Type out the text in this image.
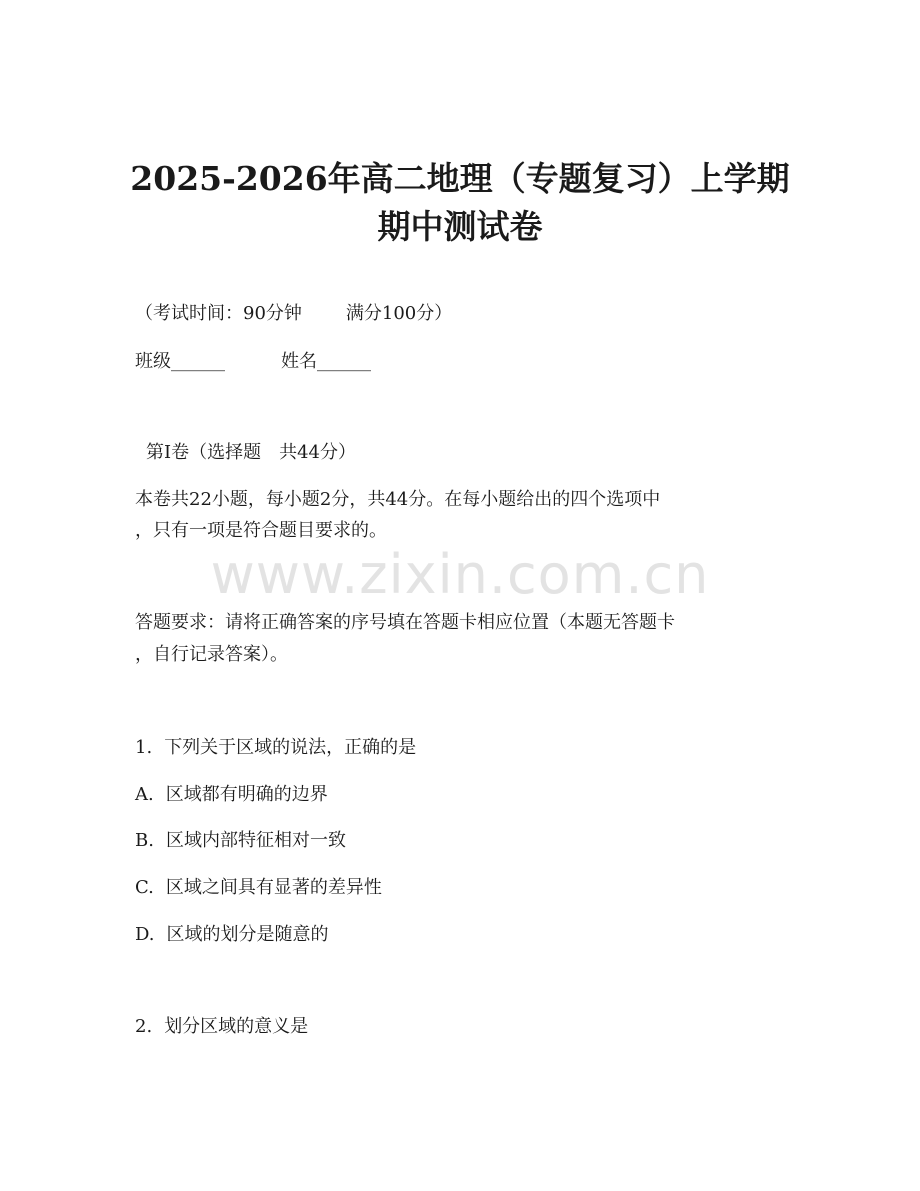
2025-2026年高二地理（专题复习）上学期
期中测试卷
（考试时间：90分钟 满分100分）
班级______	姓名______
第Ⅰ卷（选择题　共44分）
本卷共22小题，每小题2分，共44分。在每小题给出的四个选项中
，只有一项是符合题目要求的。
www.zixin.com.cn
答题要求：请将正确答案的序号填在答题卡相应位置（本题无答题卡
，自行记录答案）。
1. 下列关于区域的说法，正确的是
A. 区域都有明确的边界
B. 区域内部特征相对一致
C. 区域之间具有显著的差异性
D. 区域的划分是随意的
2. 划分区域的意义是
